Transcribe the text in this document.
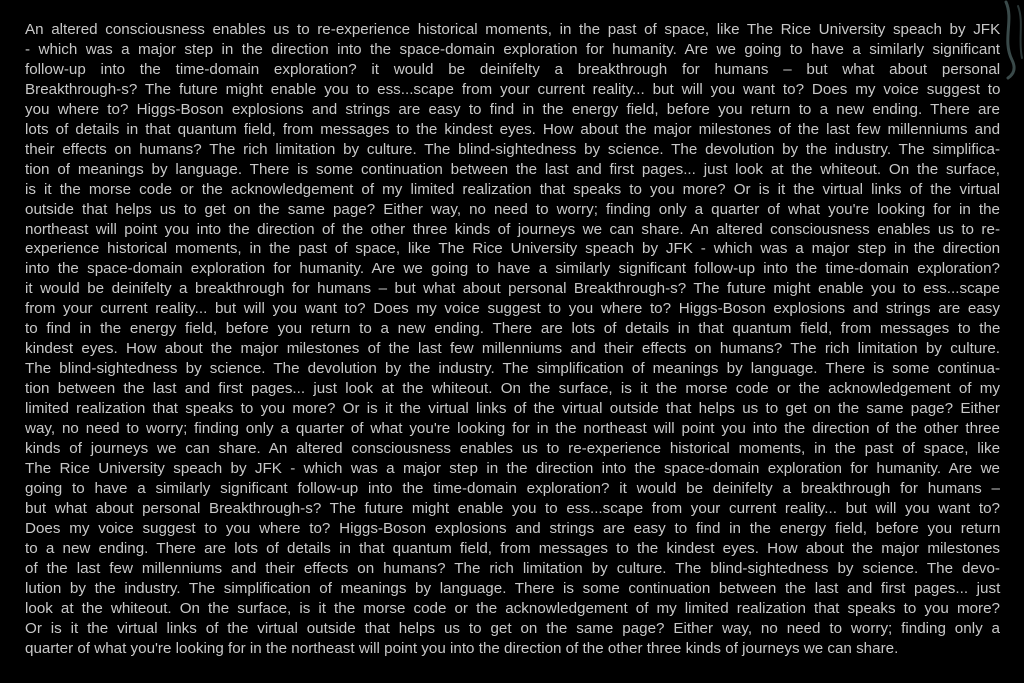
An altered consciousness enables us to re-experience historical moments, in the past of space, like The Rice University speach by JFK
- which was a major step in the direction into the space-domain exploration for humanity. Are we going to have a similarly significant
follow-up into the time-domain exploration? it would be deinifelty a breakthrough for humans – but what about personal
Breakthrough-s? The future might enable you to ess...scape from your current reality... but will you want to? Does my voice suggest to
you where to? Higgs-Boson explosions and strings are easy to find in the energy field, before you return to a new ending. There are
lots of details in that quantum field, from messages to the kindest eyes. How about the major milestones of the last few millenniums and
their effects on humans? The rich limitation by culture. The blind-sightedness by science. The devolution by the industry. The simplifica-
tion of meanings by language. There is some continuation between the last and first pages... just look at the whiteout. On the surface,
is it the morse code or the acknowledgement of my limited realization that speaks to you more? Or is it the virtual links of the virtual
outside that helps us to get on the same page? Either way, no need to worry; finding only a quarter of what you're looking for in the
northeast will point you into the direction of the other three kinds of journeys we can share. An altered consciousness enables us to re-
experience historical moments, in the past of space, like The Rice University speach by JFK - which was a major step in the direction
into the space-domain exploration for humanity. Are we going to have a similarly significant follow-up into the time-domain exploration?
it would be deinifelty a breakthrough for humans – but what about personal Breakthrough-s? The future might enable you to ess...scape
from your current reality... but will you want to? Does my voice suggest to you where to? Higgs-Boson explosions and strings are easy
to find in the energy field, before you return to a new ending. There are lots of details in that quantum field, from messages to the
kindest eyes. How about the major milestones of the last few millenniums and their effects on humans? The rich limitation by culture.
The blind-sightedness by science. The devolution by the industry. The simplification of meanings by language. There is some continua-
tion between the last and first pages... just look at the whiteout. On the surface, is it the morse code or the acknowledgement of my
limited realization that speaks to you more? Or is it the virtual links of the virtual outside that helps us to get on the same page? Either
way, no need to worry; finding only a quarter of what you're looking for in the northeast will point you into the direction of the other three
kinds of journeys we can share. An altered consciousness enables us to re-experience historical moments, in the past of space, like
The Rice University speach by JFK - which was a major step in the direction into the space-domain exploration for humanity. Are we
going to have a similarly significant follow-up into the time-domain exploration? it would be deinifelty a breakthrough for humans –
but what about personal Breakthrough-s? The future might enable you to ess...scape from your current reality... but will you want to?
Does my voice suggest to you where to? Higgs-Boson explosions and strings are easy to find in the energy field, before you return
to a new ending. There are lots of details in that quantum field, from messages to the kindest eyes. How about the major milestones
of the last few millenniums and their effects on humans? The rich limitation by culture. The blind-sightedness by science. The devo-
lution by the industry. The simplification of meanings by language. There is some continuation between the last and first pages... just
look at the whiteout. On the surface, is it the morse code or the acknowledgement of my limited realization that speaks to you more?
Or is it the virtual links of the virtual outside that helps us to get on the same page? Either way, no need to worry; finding only a
quarter of what you're looking for in the northeast will point you into the direction of the other three kinds of journeys we can share.
